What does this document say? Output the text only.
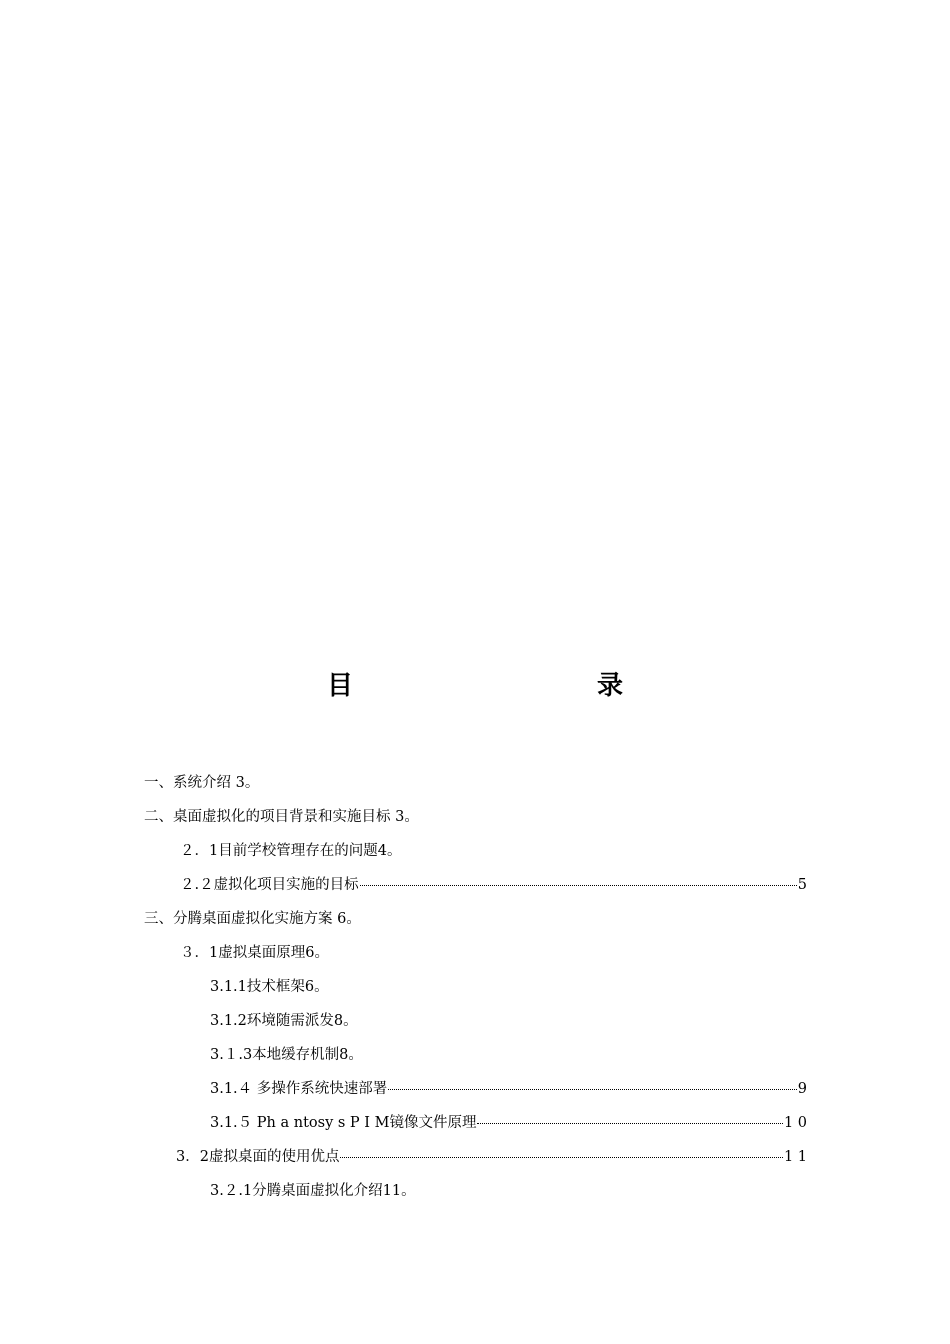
目　　录
一、系统介绍 3。
二、桌面虚拟化的项目背景和实施目标 3。
２．1目前学校管理存在的问题4。
２.２虚拟化项目实施的目标	5
三、分腾桌面虚拟化实施方案 6。
３．1虚拟桌面原理6。
3.1.1技术框架6。
3.1.2环境随需派发8。
3.１.3本地缓存机制8。
3.1.４ 多操作系统快速部署	9
3.1.５ Ph a ntosy s P I M镜像文件原理	1 0
3．2虚拟桌面的使用优点	1 1
3.２.1分腾桌面虚拟化介绍11。
